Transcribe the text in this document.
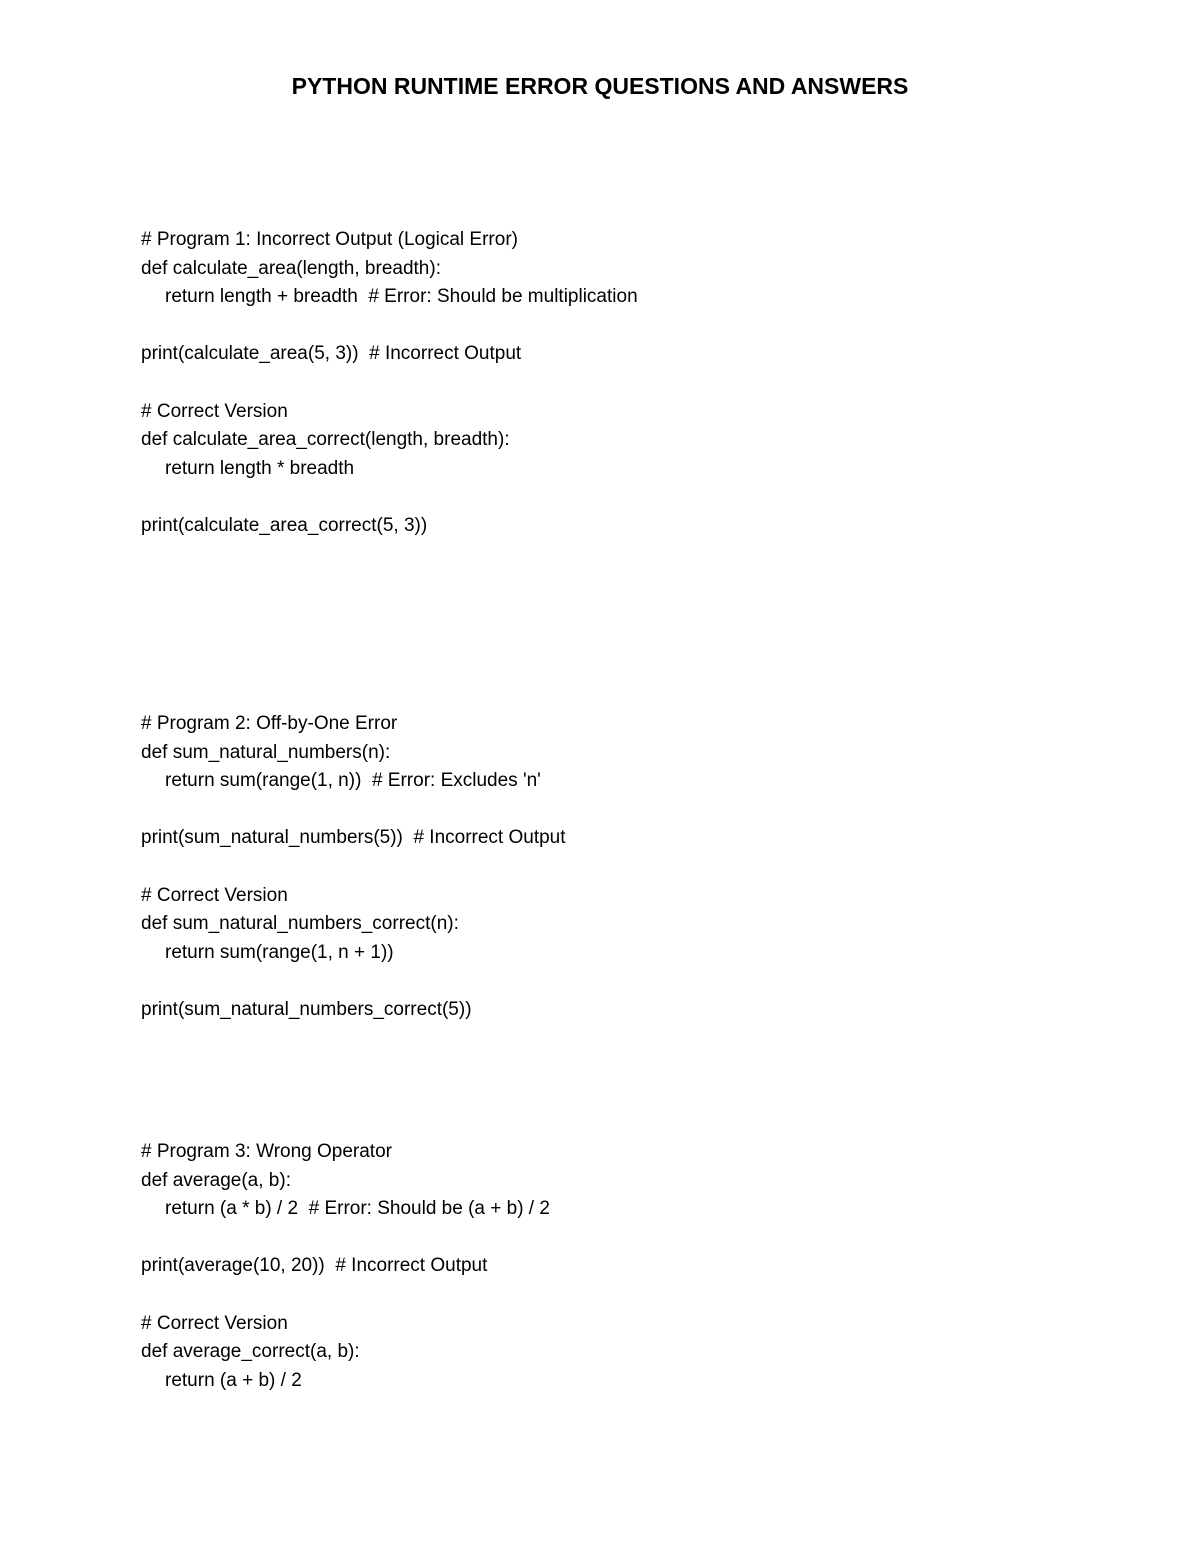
PYTHON RUNTIME ERROR QUESTIONS AND ANSWERS
# Program 1: Incorrect Output (Logical Error)
def calculate_area(length, breadth):
return length + breadth  # Error: Should be multiplication
print(calculate_area(5, 3))  # Incorrect Output
# Correct Version
def calculate_area_correct(length, breadth):
return length * breadth
print(calculate_area_correct(5, 3))
# Program 2: Off-by-One Error
def sum_natural_numbers(n):
return sum(range(1, n))  # Error: Excludes 'n'
print(sum_natural_numbers(5))  # Incorrect Output
# Correct Version
def sum_natural_numbers_correct(n):
return sum(range(1, n + 1))
print(sum_natural_numbers_correct(5))
# Program 3: Wrong Operator
def average(a, b):
return (a * b) / 2  # Error: Should be (a + b) / 2
print(average(10, 20))  # Incorrect Output
# Correct Version
def average_correct(a, b):
return (a + b) / 2
